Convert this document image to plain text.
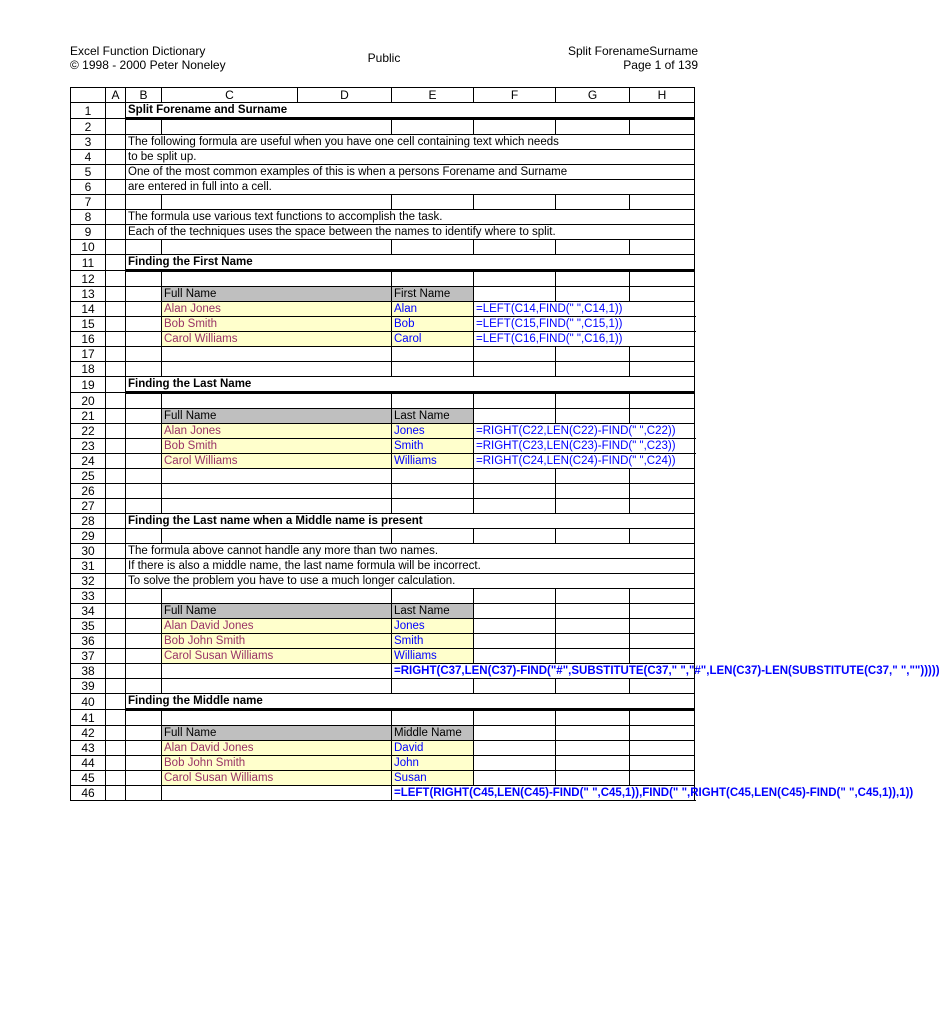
Excel Function Dictionary
© 1998 - 2000 Peter Noneley	Public	Split ForenameSurname
Page 1 of 139
	A	B	C	D	E	F	G	H	
1		Split Forename and Surname							
2									
3		The following formula are useful when you have one cell containing text which needs							
4		to be split up.							
5		One of the most common examples of this is when a persons Forename and Surname							
6		are entered in full into a cell.							
7									
8		The formula use various text functions to accomplish the task.							
9		Each of the techniques uses the space between the names to identify where to split.							
10									
11		Finding the First Name							
12									
13			Full Name		First Name				
14			Alan Jones		Alan	=LEFT(C14,FIND(" ",C14,1))			
15			Bob Smith		Bob	=LEFT(C15,FIND(" ",C15,1))			
16			Carol Williams		Carol	=LEFT(C16,FIND(" ",C16,1))			
17									
18									
19		Finding the Last Name							
20									
21			Full Name		Last Name				
22			Alan Jones		Jones	=RIGHT(C22,LEN(C22)-FIND(" ",C22))			
23			Bob Smith		Smith	=RIGHT(C23,LEN(C23)-FIND(" ",C23))			
24			Carol Williams		Williams	=RIGHT(C24,LEN(C24)-FIND(" ",C24))			
25									
26									
27									
28		Finding the Last name when a Middle name is present							
29									
30		The formula above cannot handle any more than two names.							
31		If there is also a middle name, the last name formula will be incorrect.							
32		To solve the problem you have to use a much longer calculation.							
33									
34			Full Name		Last Name				
35			Alan David Jones		Jones				
36			Bob John Smith		Smith				
37			Carol Susan Williams		Williams				
38					=RIGHT(C37,LEN(C37)-FIND("#",SUBSTITUTE(C37," ","#",LEN(C37)-LEN(SUBSTITUTE(C37," ","")))))				
39									
40		Finding the Middle name							
41									
42			Full Name		Middle Name				
43			Alan David Jones		David				
44			Bob John Smith		John				
45			Carol Susan Williams		Susan				
46					=LEFT(RIGHT(C45,LEN(C45)-FIND(" ",C45,1)),FIND(" ",RIGHT(C45,LEN(C45)-FIND(" ",C45,1)),1))				
